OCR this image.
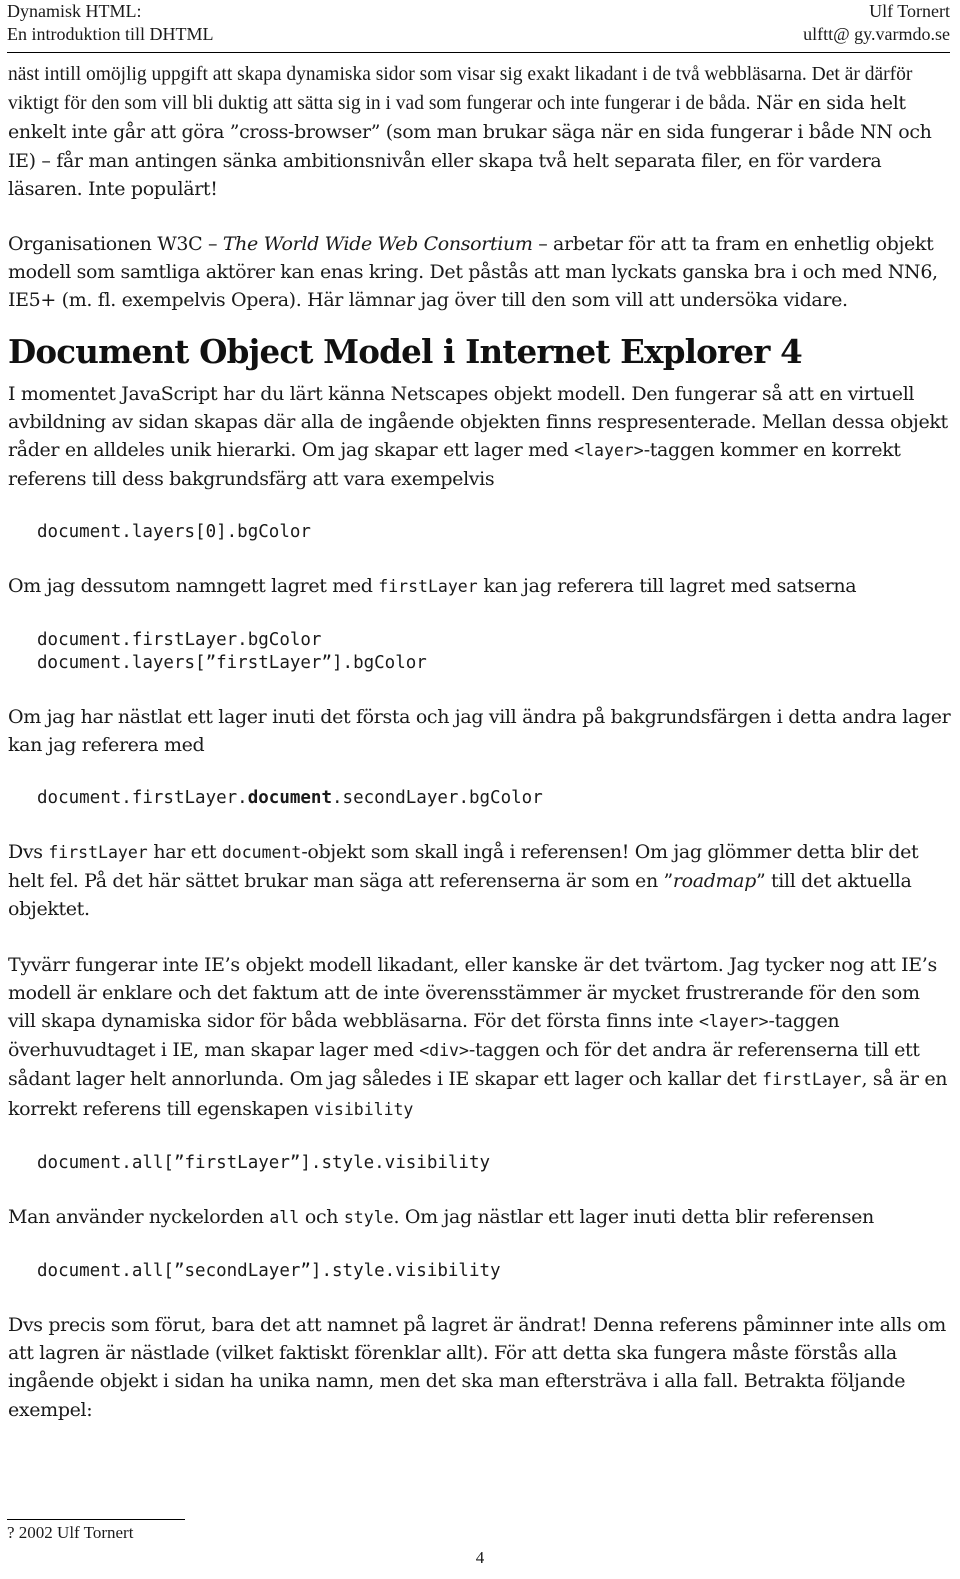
Dynamisk HTML:
En introduktion till DHTML
Ulf Tornert
ulftt@ gy.varmdo.se

näst intill omöjlig uppgift att skapa dynamiska sidor som visar sig exakt likadant i de två webbläsarna. Det är därför viktigt för den som vill bli duktig att sätta sig in i vad som fungerar och inte fungerar i de båda. När en sida helt enkelt inte går att göra ”cross-browser” (som man brukar säga när en sida fungerar i både NN och IE) – får man antingen sänka ambitionsnivån eller skapa två helt separata filer, en för vardera läsaren. Inte populärt!

Organisationen W3C – The World Wide Web Consortium – arbetar för att ta fram en enhetlig objekt modell som samtliga aktörer kan enas kring. Det påstås att man lyckats ganska bra i och med NN6, IE5+ (m. fl. exempelvis Opera). Här lämnar jag över till den som vill att undersöka vidare.

Document Object Model i Internet Explorer 4

I momentet JavaScript har du lärt känna Netscapes objekt modell. Den fungerar så att en virtuell avbildning av sidan skapas där alla de ingående objekten finns respresenterade. Mellan dessa objekt råder en alldeles unik hierarki. Om jag skapar ett lager med <layer>-taggen kommer en korrekt referens till dess bakgrundsfärg att vara exempelvis

document.layers[0].bgColor

Om jag dessutom namngett lagret med firstLayer kan jag referera till lagret med satserna

document.firstLayer.bgColor
document.layers[”firstLayer”].bgColor

Om jag har nästlat ett lager inuti det första och jag vill ändra på bakgrundsfärgen i detta andra lager kan jag referera med

document.firstLayer.document.secondLayer.bgColor

Dvs firstLayer har ett document-objekt som skall ingå i referensen! Om jag glömmer detta blir det helt fel. På det här sättet brukar man säga att referenserna är som en ”roadmap” till det aktuella objektet.

Tyvärr fungerar inte IE’s objekt modell likadant, eller kanske är det tvärtom. Jag tycker nog att IE’s modell är enklare och det faktum att de inte överensstämmer är mycket frustrerande för den som vill skapa dynamiska sidor för båda webbläsarna. För det första finns inte <layer>-taggen överhuvudtaget i IE, man skapar lager med <div>-taggen och för det andra är referenserna till ett sådant lager helt annorlunda. Om jag således i IE skapar ett lager och kallar det firstLayer, så är en korrekt referens till egenskapen visibility

document.all[”firstLayer”].style.visibility

Man använder nyckelorden all och style. Om jag nästlar ett lager inuti detta blir referensen

document.all[”secondLayer”].style.visibility

Dvs precis som förut, bara det att namnet på lagret är ändrat! Denna referens påminner inte alls om att lagren är nästlade (vilket faktiskt förenklar allt). För att detta ska fungera måste förstås alla ingående objekt i sidan ha unika namn, men det ska man eftersträva i alla fall. Betrakta följande exempel:

? 2002 Ulf Tornert
4
